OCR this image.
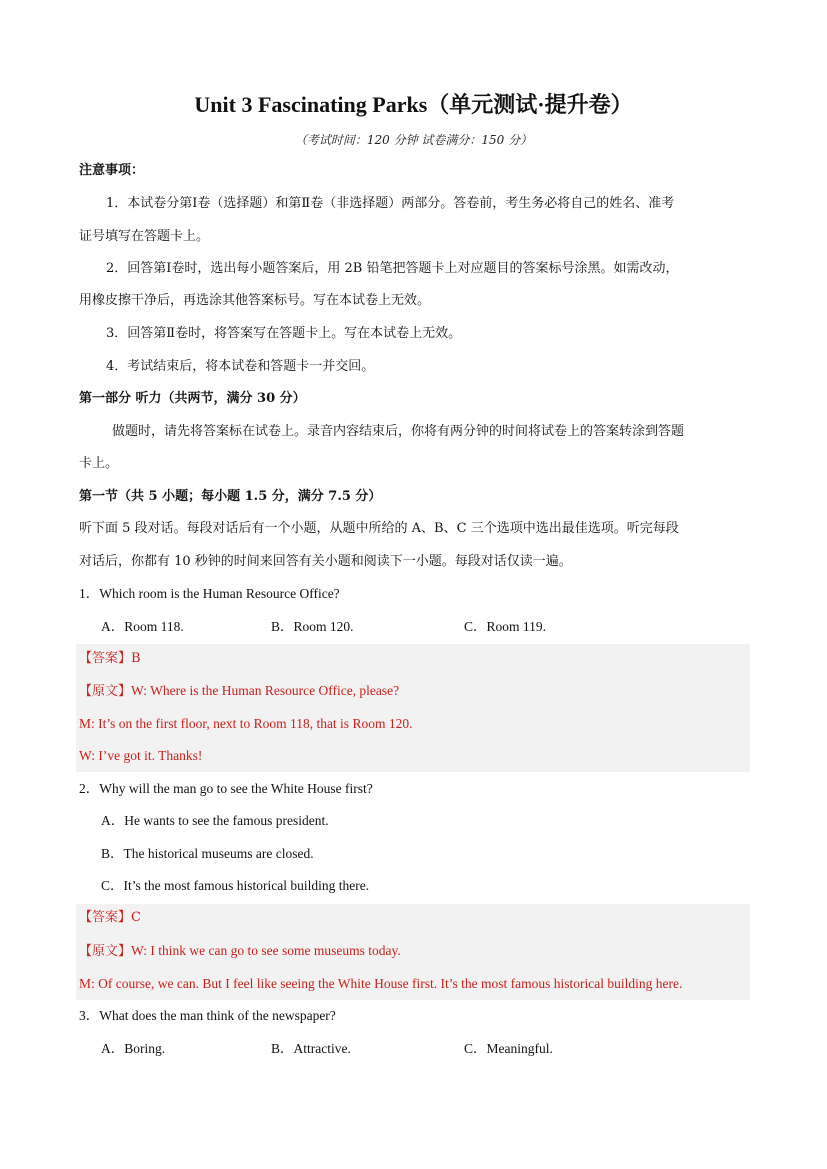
Unit 3 Fascinating Parks（单元测试·提升卷）
（考试时间：120 分钟 试卷满分：150 分）
注意事项：
1．本试卷分第Ⅰ卷（选择题）和第Ⅱ卷（非选择题）两部分。答卷前，考生务必将自己的姓名、准考
证号填写在答题卡上。
2．回答第Ⅰ卷时，选出每小题答案后，用 2B 铅笔把答题卡上对应题目的答案标号涂黑。如需改动，
用橡皮擦干净后，再选涂其他答案标号。写在本试卷上无效。
3．回答第Ⅱ卷时，将答案写在答题卡上。写在本试卷上无效。
4．考试结束后，将本试卷和答题卡一并交回。
第一部分 听力（共两节，满分 30 分）
做题时，请先将答案标在试卷上。录音内容结束后，你将有两分钟的时间将试卷上的答案转涂到答题
卡上。
第一节（共 5 小题；每小题 1.5 分，满分 7.5 分）
听下面 5 段对话。每段对话后有一个小题，从题中所给的 A、B、C 三个选项中选出最佳选项。听完每段
对话后，你都有 10 秒钟的时间来回答有关小题和阅读下一小题。每段对话仅读一遍。
1．Which room is the Human Resource Office?
A．Room 118.	B．Room 120.	C．Room 119.
【答案】B
【原文】W: Where is the Human Resource Office, please?
M: It’s on the first floor, next to Room 118, that is Room 120.
W: I’ve got it. Thanks!
2．Why will the man go to see the White House first?
A．He wants to see the famous president.
B．The historical museums are closed.
C．It’s the most famous historical building there.
【答案】C
【原文】W: I think we can go to see some museums today.
M: Of course, we can. But I feel like seeing the White House first. It’s the most famous historical building here.
3．What does the man think of the newspaper?
A．Boring.	B．Attractive.	C．Meaningful.
